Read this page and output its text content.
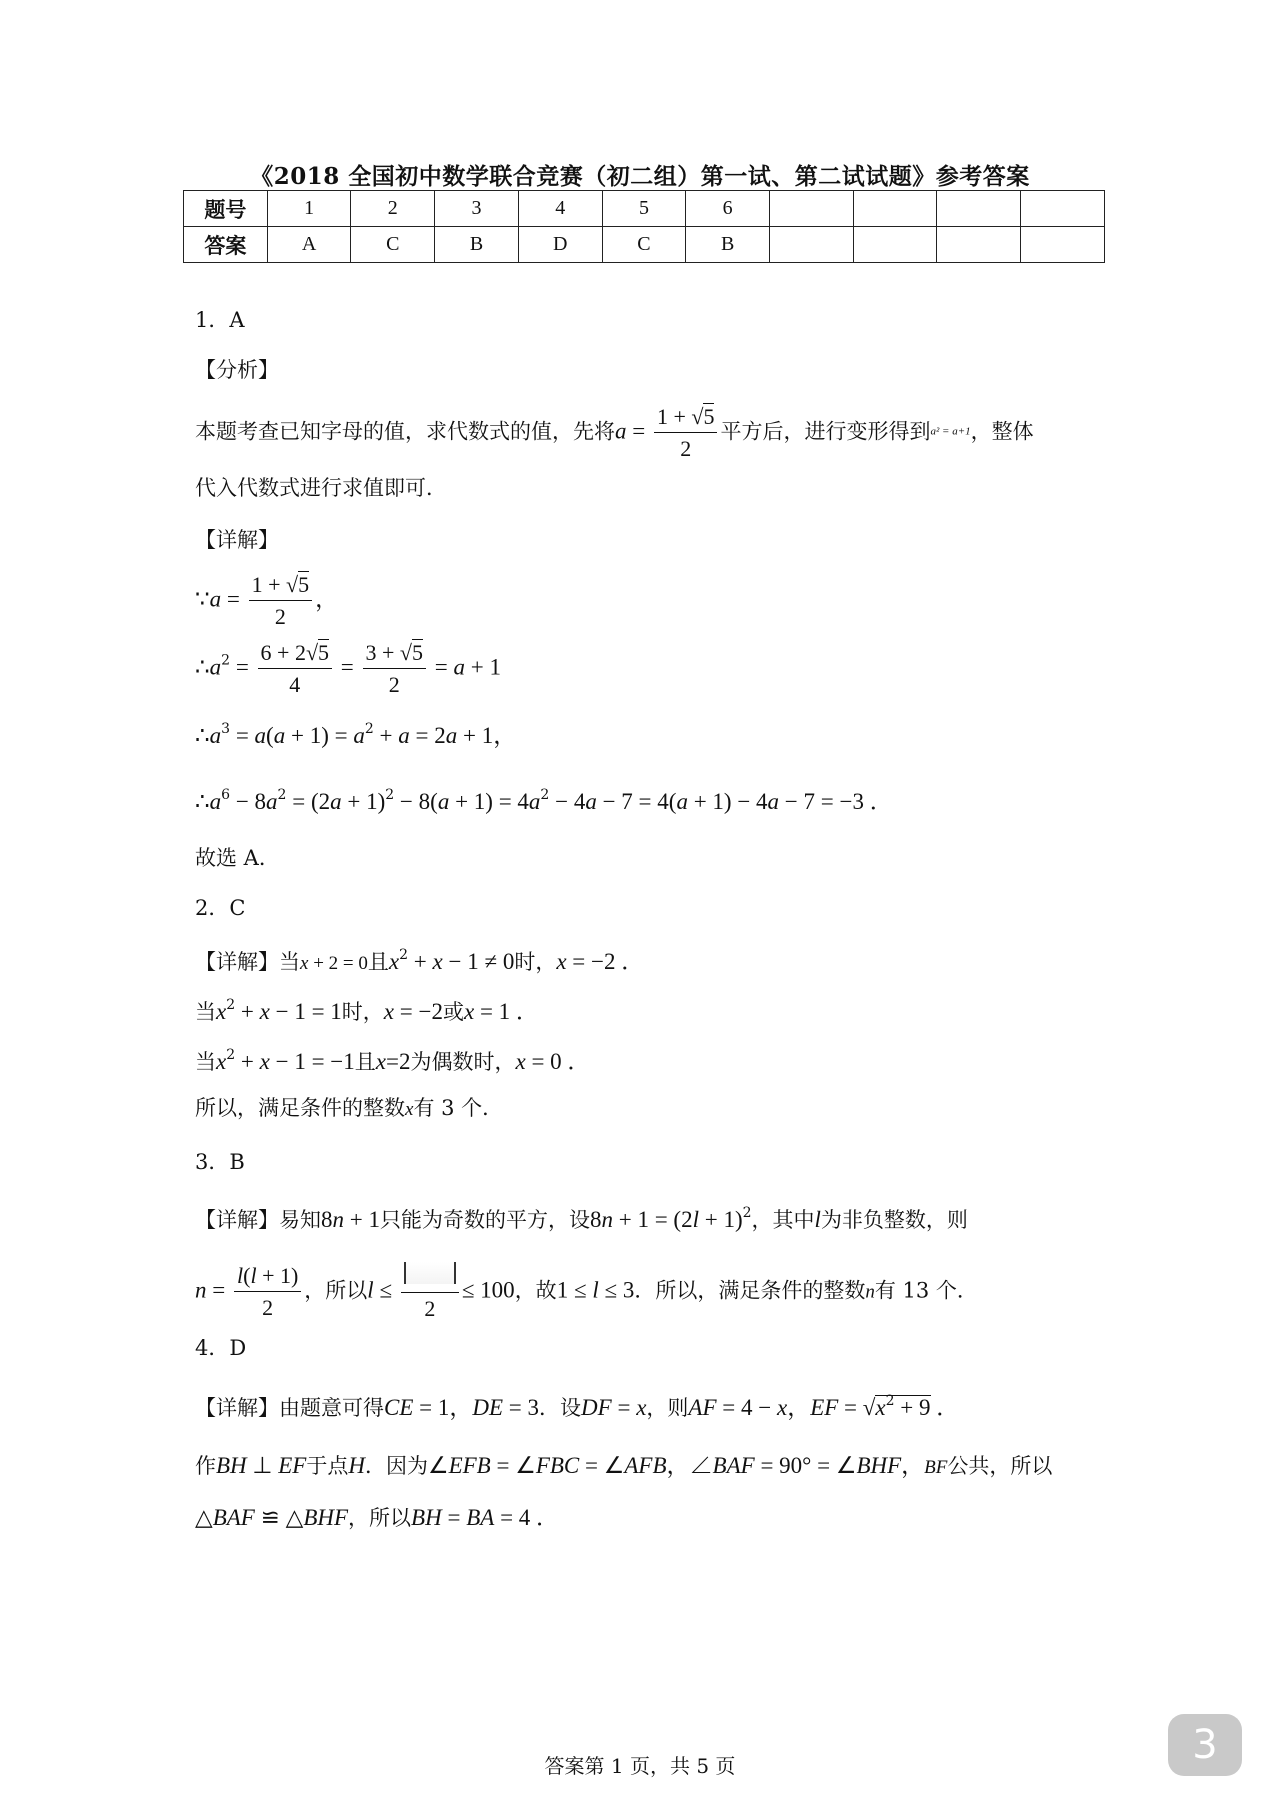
《2018 全国初中数学联合竞赛（初二组）第一试、第二试试题》参考答案
题号	1	2	3	4	5	6				
答案	A	C	B	D	C	B				
1．A
【分析】
本题考查已知字母的值，求代数式的值，先将$a = \frac{1 + √5}{2}$ 平方后，进行变形得到a² = a+1，整体
代入代数式进行求值即可．
【详解】
∵a = $\frac{1 + √5}{2}$ ，
$\therefore a^2 = \frac{6 + 2√5}{4} = \frac{3 + √5}{2} = a + 1$
$\therefore a^3 = a(a + 1) = a^2 + a = 2a + 1$，
$\therefore a^6 - 8a^2 = (2a + 1)^2 - 8(a + 1) = 4a^2 - 4a - 7 = 4(a + 1) - 4a - 7 = -3$ ．
故选 A．
2．C
【详解】当x + 2 = 0且$x^2 + x - 1 \ne 0$时，x = −2 ．
当$x^2 + x - 1 = 1$时，x = −2或x = 1 ．
当$x^2 + x - 1 = -1$且x=2为偶数时，x = 0 ．
所以，满足条件的整数x有 3 个．
3．B
【详解】易知8n + 1只能为奇数的平方，设$8n + 1 = (2l + 1)^2$，其中l为非负整数，则
$n = \frac{l(l + 1)}{2}$ ，所以l ≤
2
≤ 100，故1 ≤ l ≤ 3．所以，满足条件的整数n有 13 个．
4．D
【详解】由题意可得CE = 1，DE = 3．设DF = x，则AF = 4 − x，EF = $√x^2 + 9$ ．
作BH ⊥ EF于点H．因为∠EFB = ∠FBC = ∠AFB，∠BAF = 90° = ∠BHF，BF公共，所以
△BAF ≌ △BHF，所以BH = BA = 4 ．
答案第 1 页，共 5 页	3
